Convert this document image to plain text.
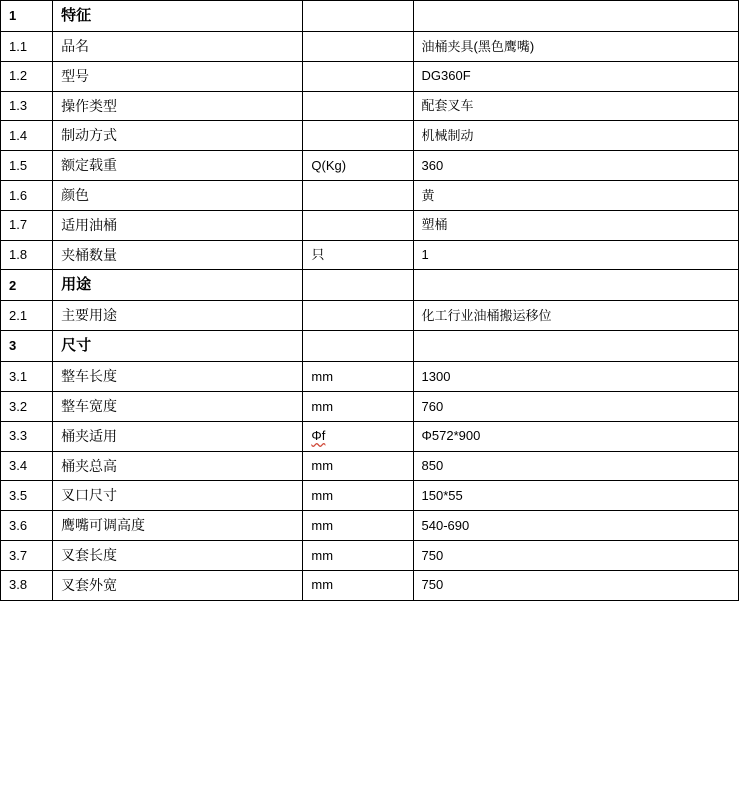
1	特征		
1.1	品名		油桶夹具(黑色鹰嘴)
1.2	型号		DG360F
1.3	操作类型		配套叉车
1.4	制动方式		机械制动
1.5	额定载重	Q(Kg)	360
1.6	颜色		黄
1.7	适用油桶		塑桶
1.8	夹桶数量	只	1
2	用途		
2.1	主要用途		化工行业油桶搬运移位
3	尺寸		
3.1	整车长度	mm	1300
3.2	整车宽度	mm	760
3.3	桶夹适用	Φf	Φ572*900
3.4	桶夹总高	mm	850
3.5	叉口尺寸	mm	150*55
3.6	鹰嘴可调高度	mm	540-690
3.7	叉套长度	mm	750
3.8	叉套外宽	mm	750
